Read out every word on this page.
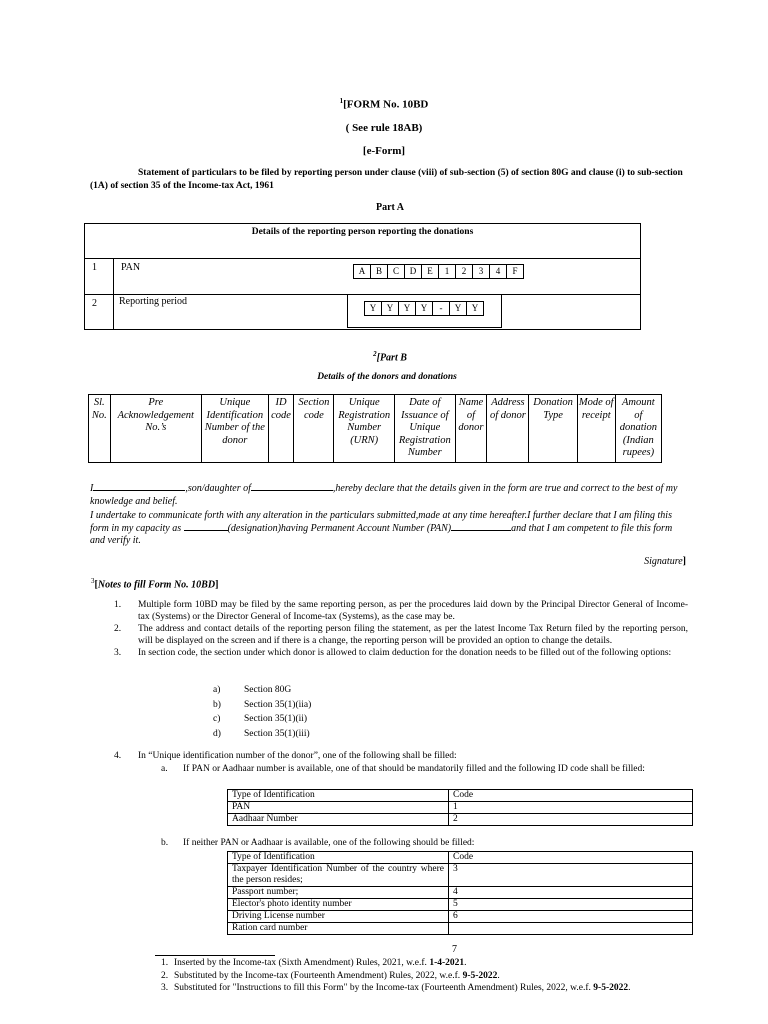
$^1$[FORM No. 10BD
( See rule 18AB)
[e-Form]
Statement of particulars to be filed by reporting person under clause (viii) of sub-section (5) of section 80G and clause (i) to sub-section (1A) of section 35 of the Income-tax Act, 1961
Part A
Details of the reporting person reporting the donations
1 PAN	A B C D E 1 2 3 4 F
2 Reporting period
Y Y Y Y - Y Y
$^2$[Part B
Details of the donors and donations
Sl. No.	Pre Acknowledgement No.’s	Unique Identification Number of the donor	ID code	Section code	Unique Registration Number (URN)	Date of Issuance of Unique Registration Number	Name of donor	Address of donor	Donation Type	Mode of receipt	Amount of donation (Indian rupees)
I	,son/daughter of	,hereby declare that the details given in the form are true and correct to the best of my knowledge and belief.
I undertake to communicate forth with any alteration in the particulars submitted,made at any time hereafter.I further declare that I am filing this form in my capacity as	(designation)having Permanent Account Number (PAN)	and that I am competent to file this form and verify it.
Signature]
$^3$[Notes to fill Form No. 10BD]
1. Multiple form 10BD may be filed by the same reporting person, as per the procedures laid down by the Principal Director General of Income-tax (Systems) or the Director General of Income-tax (Systems), as the case may be.
2. The address and contact details of the reporting person filing the statement, as per the latest Income Tax Return filed by the reporting person, will be displayed on the screen and if there is a change, the reporting person will be provided an option to change the details.
3. In section code, the section under which donor is allowed to claim deduction for the donation needs to be filled out of the following options:
a) Section 80G
b) Section 35(1)(iia)
c) Section 35(1)(ii)
d) Section 35(1)(iii)
4. In “Unique identification number of the donor”, one of the following shall be filled:
a. If PAN or Aadhaar number is available, one of that should be mandatorily filled and the following ID code shall be filled:
Type of Identification	Code
PAN	1
Aadhaar Number	2
b. If neither PAN or Aadhaar is available, one of the following should be filled:
Type of Identification	Code
Taxpayer Identification Number of the country where the person resides;	3
Passport number;	4
Elector's photo identity number	5
Driving License number	6
Ration card number	
7
1. Inserted by the Income-tax (Sixth Amendment) Rules, 2021, w.e.f. 1-4-2021.
2. Substituted by the Income-tax (Fourteenth Amendment) Rules, 2022, w.e.f. 9-5-2022.
3. Substituted for "Instructions to fill this Form" by the Income-tax (Fourteenth Amendment) Rules, 2022, w.e.f. 9-5-2022.
